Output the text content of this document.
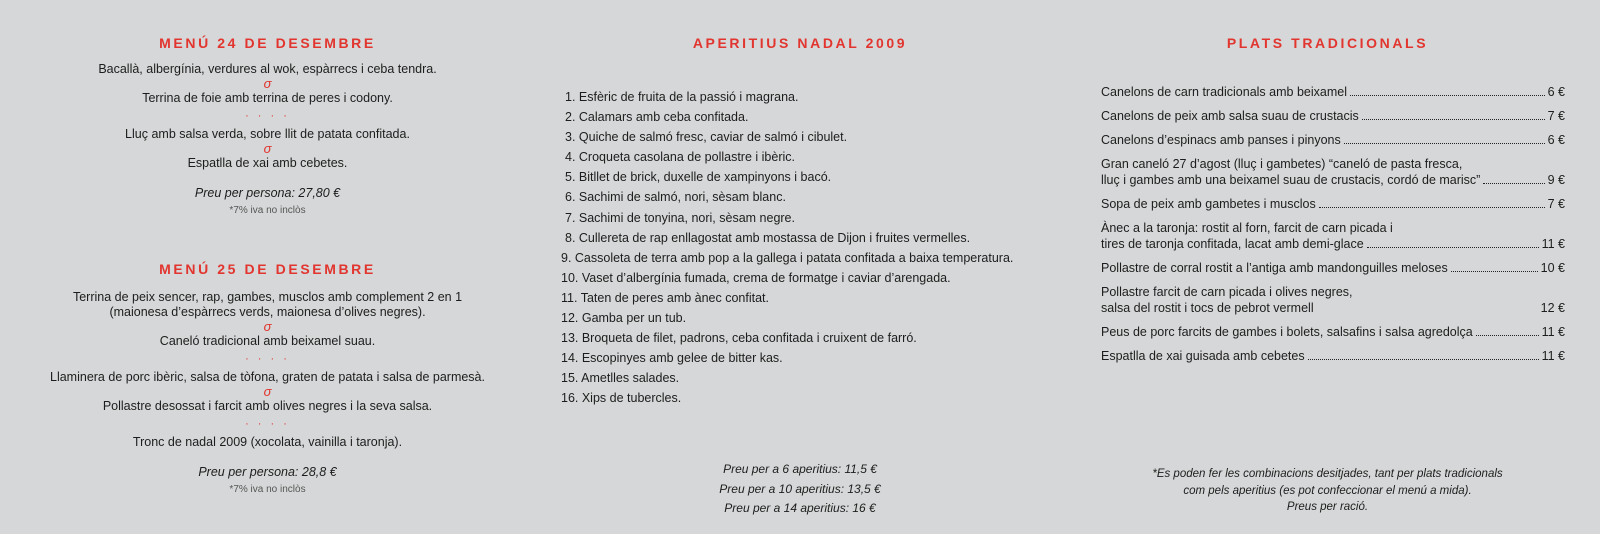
MENÚ 24 DE DESEMBRE
Bacallà, albergínia, verdures al wok, espàrrecs i ceba tendra.
σ
Terrina de foie amb terrina de peres i codony.
· · · ·
Lluç amb salsa verda, sobre llit de patata confitada.
σ
Espatlla de xai amb cebetes.
Preu per persona: 27,80 €
*7% iva no inclòs
MENÚ 25 DE DESEMBRE
Terrina de peix sencer, rap, gambes, musclos amb complement 2 en 1
(maionesa d’espàrrecs verds, maionesa d’olives negres).
σ
Caneló tradicional amb beixamel suau.
· · · ·
Llaminera de porc ibèric, salsa de tòfona, graten de patata i salsa de parmesà.
σ
Pollastre desossat i farcit amb olives negres i la seva salsa.
· · · ·
Tronc de nadal 2009 (xocolata, vainilla i taronja).
Preu per persona: 28,8 €
*7% iva no inclòs
APERITIUS NADAL 2009
1. Esfèric de fruita de la passió i magrana.
2. Calamars amb ceba confitada.
3. Quiche de salmó fresc, caviar de salmó i cibulet.
4. Croqueta casolana de pollastre i ibèric.
5. Bitllet de brick, duxelle de xampinyons i bacó.
6. Sachimi de salmó, nori, sèsam blanc.
7. Sachimi de tonyina, nori, sèsam negre.
8. Cullereta de rap enllagostat amb mostassa de Dijon i fruites vermelles.
9. Cassoleta de terra amb pop a la gallega i patata confitada a baixa temperatura.
10. Vaset d’albergínia fumada, crema de formatge i caviar d’arengada.
11. Taten de peres amb ànec confitat.
12. Gamba per un tub.
13. Broqueta de filet, padrons, ceba confitada i cruixent de farró.
14. Escopinyes amb gelee de bitter kas.
15. Ametlles salades.
16. Xips de tubercles.
Preu per a 6 aperitius: 11,5 €
Preu per a 10 aperitius: 13,5 €
Preu per a 14 aperitius: 16 €
PLATS TRADICIONALS
Canelons de carn tradicionals amb beixamel	6 €
Canelons de peix amb salsa suau de crustacis	7 €
Canelons d’espinacs amb panses i pinyons	6 €
Gran caneló 27 d’agost (lluç i gambetes) “caneló de pasta fresca,
lluç i gambes amb una beixamel suau de crustacis, cordó de marisc”	9 €
Sopa de peix amb gambetes i musclos	7 €
Ànec a la taronja: rostit al forn, farcit de carn picada i
tires de taronja confitada, lacat amb demi-glace	11 €
Pollastre de corral rostit a l’antiga amb mandonguilles meloses	10 €
Pollastre farcit de carn picada i olives negres,
salsa del rostit i tocs de pebrot vermell	12 €
Peus de porc farcits de gambes i bolets, salsafins i salsa agredolça	11 €
Espatlla de xai guisada amb cebetes	11 €
*Es poden fer les combinacions desitjades, tant per plats tradicionals
com pels aperitius (es pot confeccionar el menú a mida).
Preus per ració.
